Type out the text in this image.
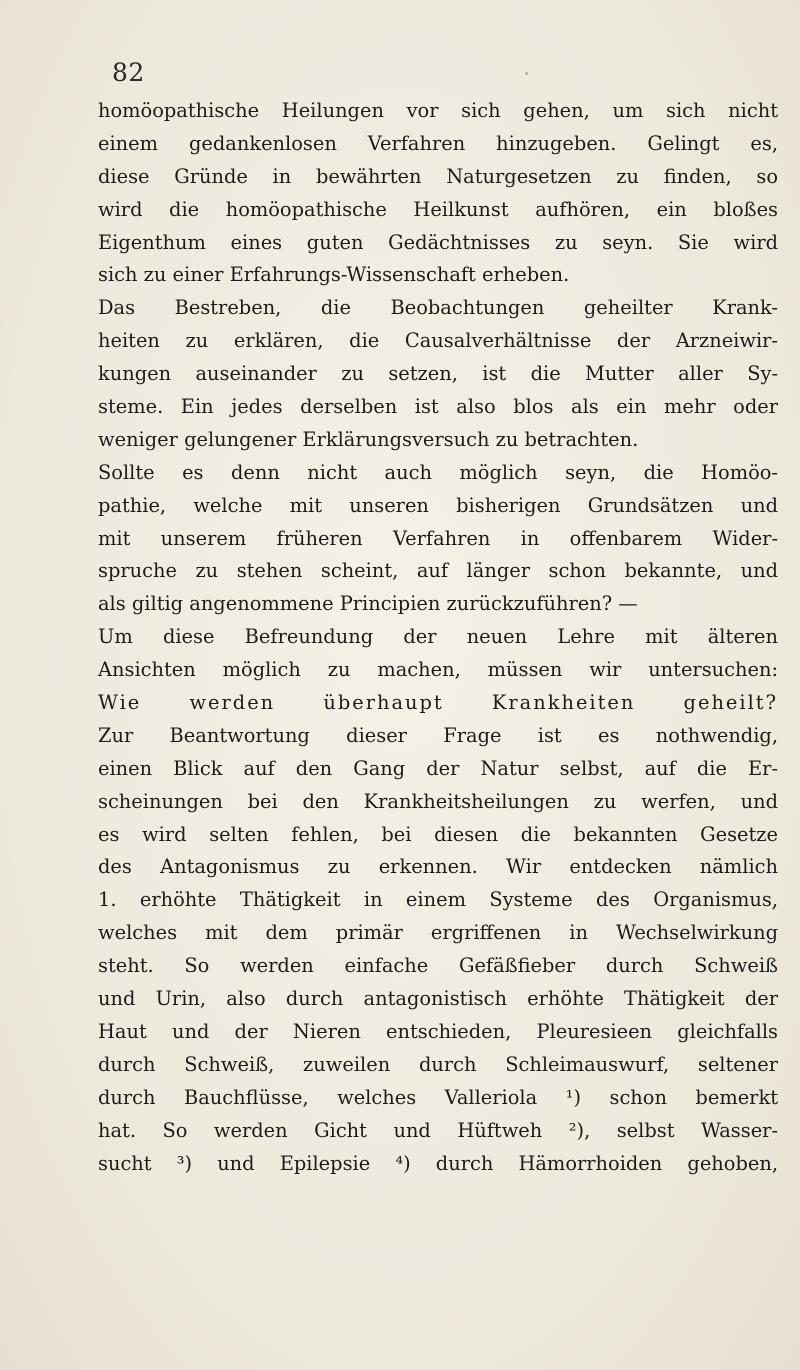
82
homöopathische Heilungen vor sich gehen, um sich nicht
einem gedankenlosen Verfahren hinzugeben. Gelingt es,
diese Gründe in bewährten Naturgesetzen zu finden, so
wird die homöopathische Heilkunst aufhören, ein bloßes
Eigenthum eines guten Gedächtnisses zu seyn. Sie wird
sich zu einer Erfahrungs-Wissenschaft erheben.
Das Bestreben, die Beobachtungen geheilter Krank-
heiten zu erklären, die Causalverhältnisse der Arzneiwir-
kungen auseinander zu setzen, ist die Mutter aller Sy-
steme. Ein jedes derselben ist also blos als ein mehr oder
weniger gelungener Erklärungsversuch zu betrachten.
Sollte es denn nicht auch möglich seyn, die Homöo-
pathie, welche mit unseren bisherigen Grundsätzen und
mit unserem früheren Verfahren in offenbarem Wider-
spruche zu stehen scheint, auf länger schon bekannte, und
als giltig angenommene Principien zurückzuführen? —
Um diese Befreundung der neuen Lehre mit älteren
Ansichten möglich zu machen, müssen wir untersuchen:
Wie werden überhaupt Krankheiten geheilt?
Zur Beantwortung dieser Frage ist es nothwendig,
einen Blick auf den Gang der Natur selbst, auf die Er-
scheinungen bei den Krankheitsheilungen zu werfen, und
es wird selten fehlen, bei diesen die bekannten Gesetze
des Antagonismus zu erkennen. Wir entdecken nämlich
1. erhöhte Thätigkeit in einem Systeme des Organismus,
welches mit dem primär ergriffenen in Wechselwirkung
steht. So werden einfache Gefäßfieber durch Schweiß
und Urin, also durch antagonistisch erhöhte Thätigkeit der
Haut und der Nieren entschieden, Pleuresieen gleichfalls
durch Schweiß, zuweilen durch Schleimauswurf, seltener
durch Bauchflüsse, welches Valleriola ¹) schon bemerkt
hat. So werden Gicht und Hüftweh ²), selbst Wasser-
sucht ³) und Epilepsie ⁴) durch Hämorrhoiden gehoben,
